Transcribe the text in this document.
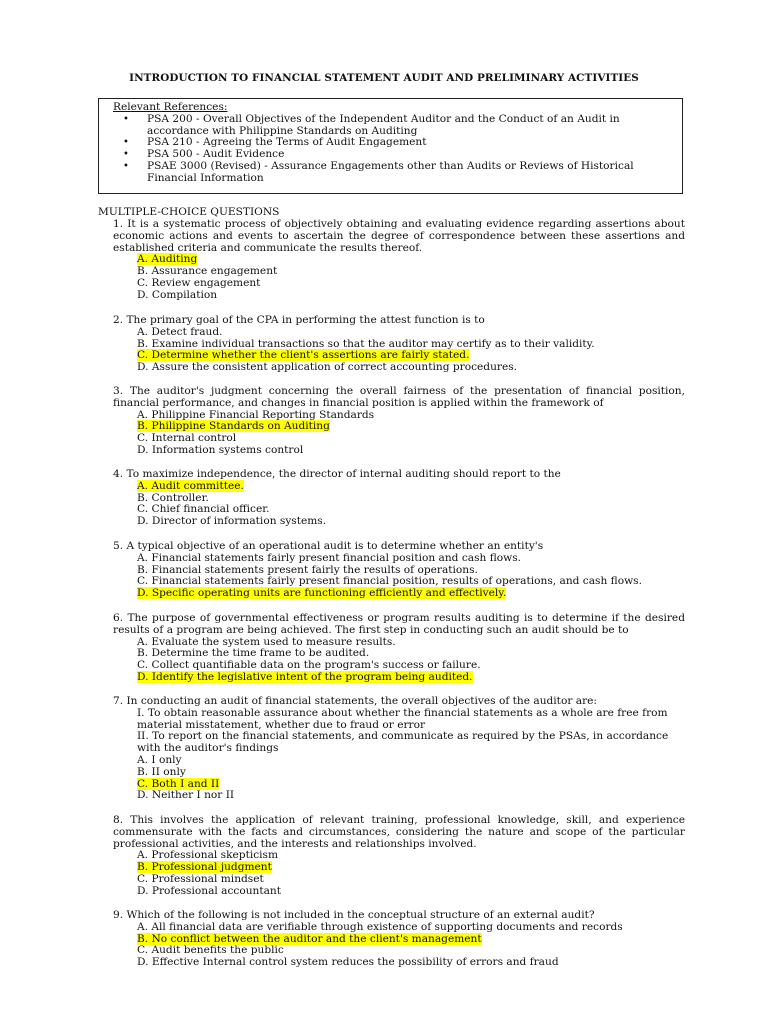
INTRODUCTION TO FINANCIAL STATEMENT AUDIT AND PRELIMINARY ACTIVITIES
Relevant References:
• PSA 200 - Overall Objectives of the Independent Auditor and the Conduct of an Audit in accordance with Philippine Standards on Auditing
• PSA 210 - Agreeing the Terms of Audit Engagement
• PSA 500 - Audit Evidence
• PSAE 3000 (Revised) - Assurance Engagements other than Audits or Reviews of Historical Financial Information
MULTIPLE-CHOICE QUESTIONS
1. It is a systematic process of objectively obtaining and evaluating evidence regarding assertions about economic actions and events to ascertain the degree of correspondence between these assertions and established criteria and communicate the results thereof.
A. Auditing
B. Assurance engagement
C. Review engagement
D. Compilation
2. The primary goal of the CPA in performing the attest function is to
A. Detect fraud.
B. Examine individual transactions so that the auditor may certify as to their validity.
C. Determine whether the client's assertions are fairly stated.
D. Assure the consistent application of correct accounting procedures.
3. The auditor's judgment concerning the overall fairness of the presentation of financial position, financial performance, and changes in financial position is applied within the framework of
A. Philippine Financial Reporting Standards
B. Philippine Standards on Auditing
C. Internal control
D. Information systems control
4. To maximize independence, the director of internal auditing should report to the
A. Audit committee.
B. Controller.
C. Chief financial officer.
D. Director of information systems.
5. A typical objective of an operational audit is to determine whether an entity's
A. Financial statements fairly present financial position and cash flows.
B. Financial statements present fairly the results of operations.
C. Financial statements fairly present financial position, results of operations, and cash flows.
D. Specific operating units are functioning efficiently and effectively.
6. The purpose of governmental effectiveness or program results auditing is to determine if the desired results of a program are being achieved. The first step in conducting such an audit should be to
A. Evaluate the system used to measure results.
B. Determine the time frame to be audited.
C. Collect quantifiable data on the program's success or failure.
D. Identify the legislative intent of the program being audited.
7. In conducting an audit of financial statements, the overall objectives of the auditor are:
I. To obtain reasonable assurance about whether the financial statements as a whole are free from material misstatement, whether due to fraud or error
II. To report on the financial statements, and communicate as required by the PSAs, in accordance with the auditor's findings
A. I only
B. II only
C. Both I and II
D. Neither I nor II
8. This involves the application of relevant training, professional knowledge, skill, and experience commensurate with the facts and circumstances, considering the nature and scope of the particular professional activities, and the interests and relationships involved.
A. Professional skepticism
B. Professional judgment
C. Professional mindset
D. Professional accountant
9. Which of the following is not included in the conceptual structure of an external audit?
A. All financial data are verifiable through existence of supporting documents and records
B. No conflict between the auditor and the client's management
C. Audit benefits the public
D. Effective Internal control system reduces the possibility of errors and fraud
